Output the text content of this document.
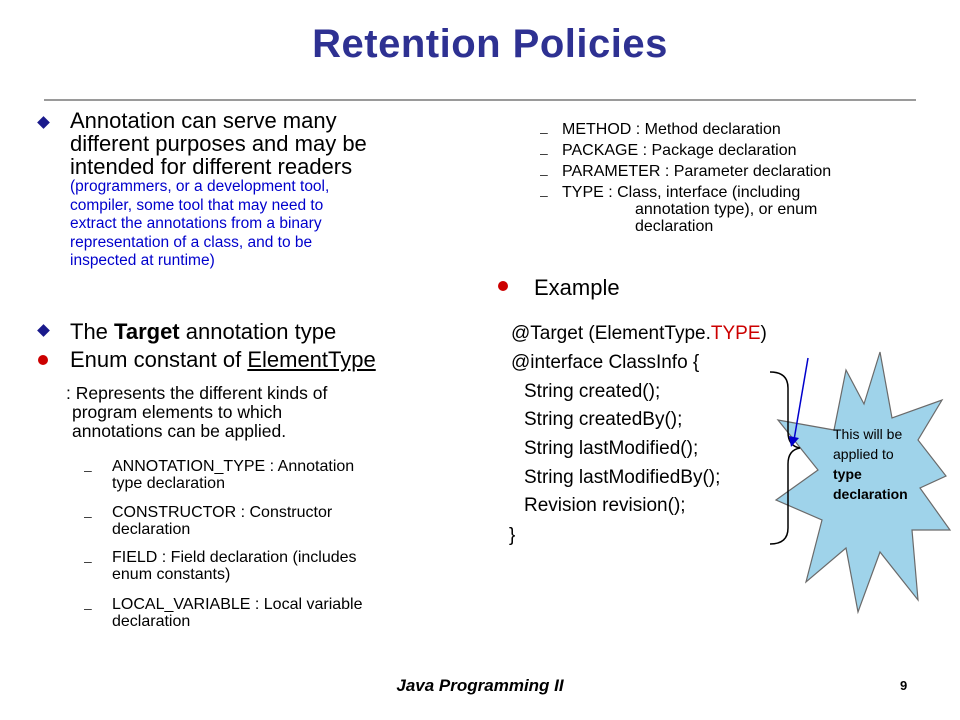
Retention Policies
Annotation can serve many
different purposes and may be
intended for different readers
(programmers, or a development tool,
compiler, some tool that may need to
extract the annotations from a binary
representation of a class, and to be
inspected at runtime)
The Target annotation type
Enum constant of ElementType
: Represents the different kinds of
program elements to which
annotations can be applied.
– ANNOTATION_TYPE : Annotation
type declaration
– CONSTRUCTOR : Constructor
declaration
– FIELD : Field declaration (includes
enum constants)
– LOCAL_VARIABLE : Local variable
declaration
– METHOD : Method declaration
– PACKAGE : Package declaration
– PARAMETER : Parameter declaration
– TYPE : Class, interface (including
annotation type), or enum
declaration
Example
@Target (ElementType.TYPE)
@interface ClassInfo {
String created();
String createdBy();
String lastModified();
String lastModifiedBy();
Revision revision();
}
This will be
applied to
type
declaration
Java Programming II	9
